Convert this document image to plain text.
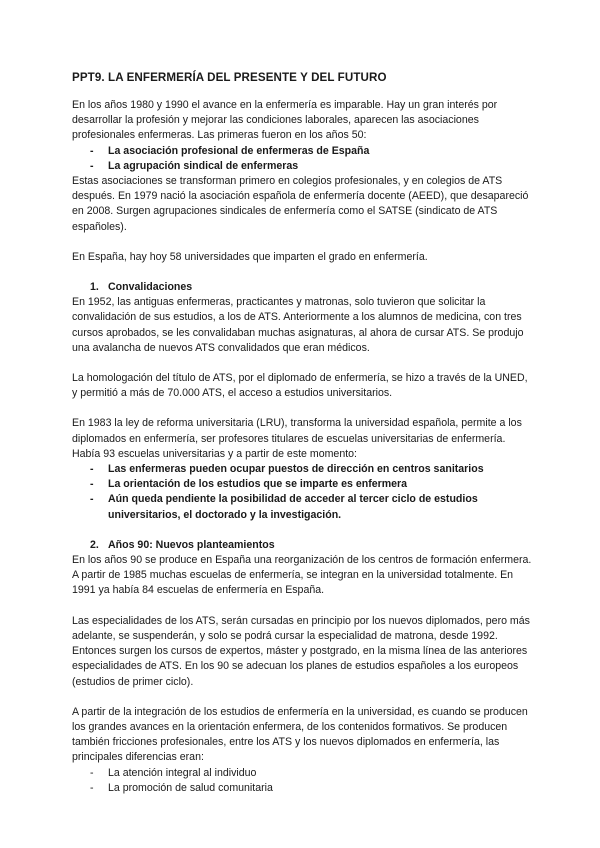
PPT9. LA ENFERMERÍA DEL PRESENTE Y DEL FUTURO

En los años 1980 y 1990 el avance en la enfermería es imparable. Hay un gran interés por desarrollar la profesión y mejorar las condiciones laborales, aparecen las asociaciones profesionales enfermeras. Las primeras fueron en los años 50:

- La asociación profesional de enfermeras de España
- La agrupación sindical de enfermeras

Estas asociaciones se transforman primero en colegios profesionales, y en colegios de ATS después. En 1979 nació la asociación española de enfermería docente (AEED), que desapareció en 2008. Surgen agrupaciones sindicales de enfermería como el SATSE (sindicato de ATS españoles).

En España, hay hoy 58 universidades que imparten el grado en enfermería.

1. Convalidaciones

En 1952, las antiguas enfermeras, practicantes y matronas, solo tuvieron que solicitar la convalidación de sus estudios, a los de ATS. Anteriormente a los alumnos de medicina, con tres cursos aprobados, se les convalidaban muchas asignaturas, al ahora de cursar ATS. Se produjo una avalancha de nuevos ATS convalidados que eran médicos.

La homologación del título de ATS, por el diplomado de enfermería, se hizo a través de la UNED, y permitió a más de 70.000 ATS, el acceso a estudios universitarios.

En 1983 la ley de reforma universitaria (LRU), transforma la universidad española, permite a los diplomados en enfermería, ser profesores titulares de escuelas universitarias de enfermería. Había 93 escuelas universitarias y a partir de este momento:

- Las enfermeras pueden ocupar puestos de dirección en centros sanitarios
- La orientación de los estudios que se imparte es enfermera
- Aún queda pendiente la posibilidad de acceder al tercer ciclo de estudios universitarios, el doctorado y la investigación.
2. Años 90: Nuevos planteamientos

En los años 90 se produce en España una reorganización de los centros de formación enfermera. A partir de 1985 muchas escuelas de enfermería, se integran en la universidad totalmente. En 1991 ya había 84 escuelas de enfermería en España.

Las especialidades de los ATS, serán cursadas en principio por los nuevos diplomados, pero más adelante, se suspenderán, y solo se podrá cursar la especialidad de matrona, desde 1992. Entonces surgen los cursos de expertos, máster y postgrado, en la misma línea de las anteriores especialidades de ATS. En los 90 se adecuan los planes de estudios españoles a los europeos (estudios de primer ciclo).

A partir de la integración de los estudios de enfermería en la universidad, es cuando se producen los grandes avances en la orientación enfermera, de los contenidos formativos. Se producen también fricciones profesionales, entre los ATS y los nuevos diplomados en enfermería, las principales diferencias eran:

- La atención integral al individuo
- La promoción de salud comunitaria
